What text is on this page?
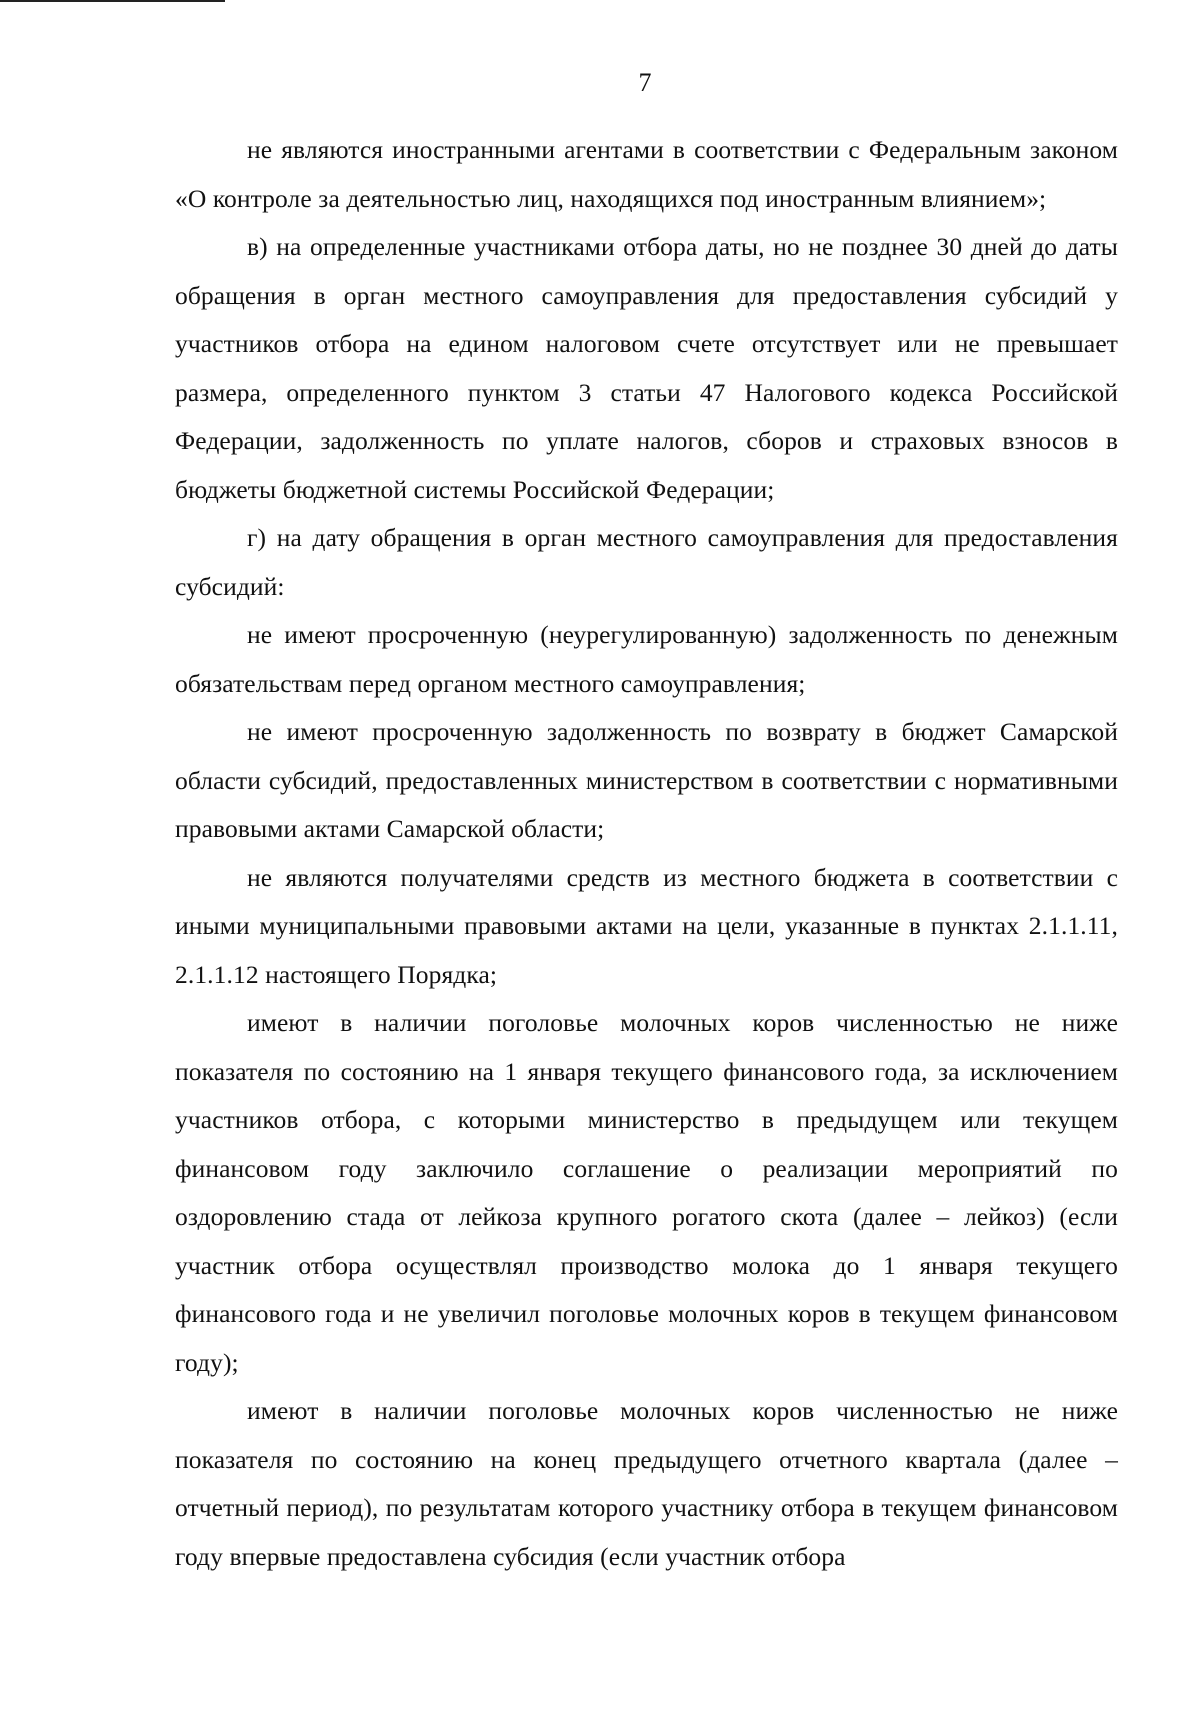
7

не являются иностранными агентами в соответствии с Федеральным законом «О контроле за деятельностью лиц, находящихся под иностранным влиянием»;

в) на определенные участниками отбора даты, но не позднее 30 дней до даты обращения в орган местного самоуправления для предоставления субсидий у участников отбора на едином налоговом счете отсутствует или не превышает размера, определенного пунктом 3 статьи 47 Налогового кодекса Российской Федерации, задолженность по уплате налогов, сборов и страховых взносов в бюджеты бюджетной системы Российской Федерации;

г) на дату обращения в орган местного самоуправления для предоставления субсидий:

не имеют просроченную (неурегулированную) задолженность по денежным обязательствам перед органом местного самоуправления;

не имеют просроченную задолженность по возврату в бюджет Самарской области субсидий, предоставленных министерством в соответствии с нормативными правовыми актами Самарской области;

не являются получателями средств из местного бюджета в соответствии с иными муниципальными правовыми актами на цели, указанные в пунктах 2.1.1.11, 2.1.1.12 настоящего Порядка;

имеют в наличии поголовье молочных коров численностью не ниже показателя по состоянию на 1 января текущего финансового года, за исключением участников отбора, с которыми министерство в предыдущем или текущем финансовом году заключило соглашение о реализации мероприятий по оздоровлению стада от лейкоза крупного рогатого скота (далее – лейкоз) (если участник отбора осуществлял производство молока до 1 января текущего финансового года и не увеличил поголовье молочных коров в текущем финансовом году);

имеют в наличии поголовье молочных коров численностью не ниже показателя по состоянию на конец предыдущего отчетного квартала (далее – отчетный период), по результатам которого участнику отбора в текущем финансовом году впервые предоставлена субсидия (если участник отбора
